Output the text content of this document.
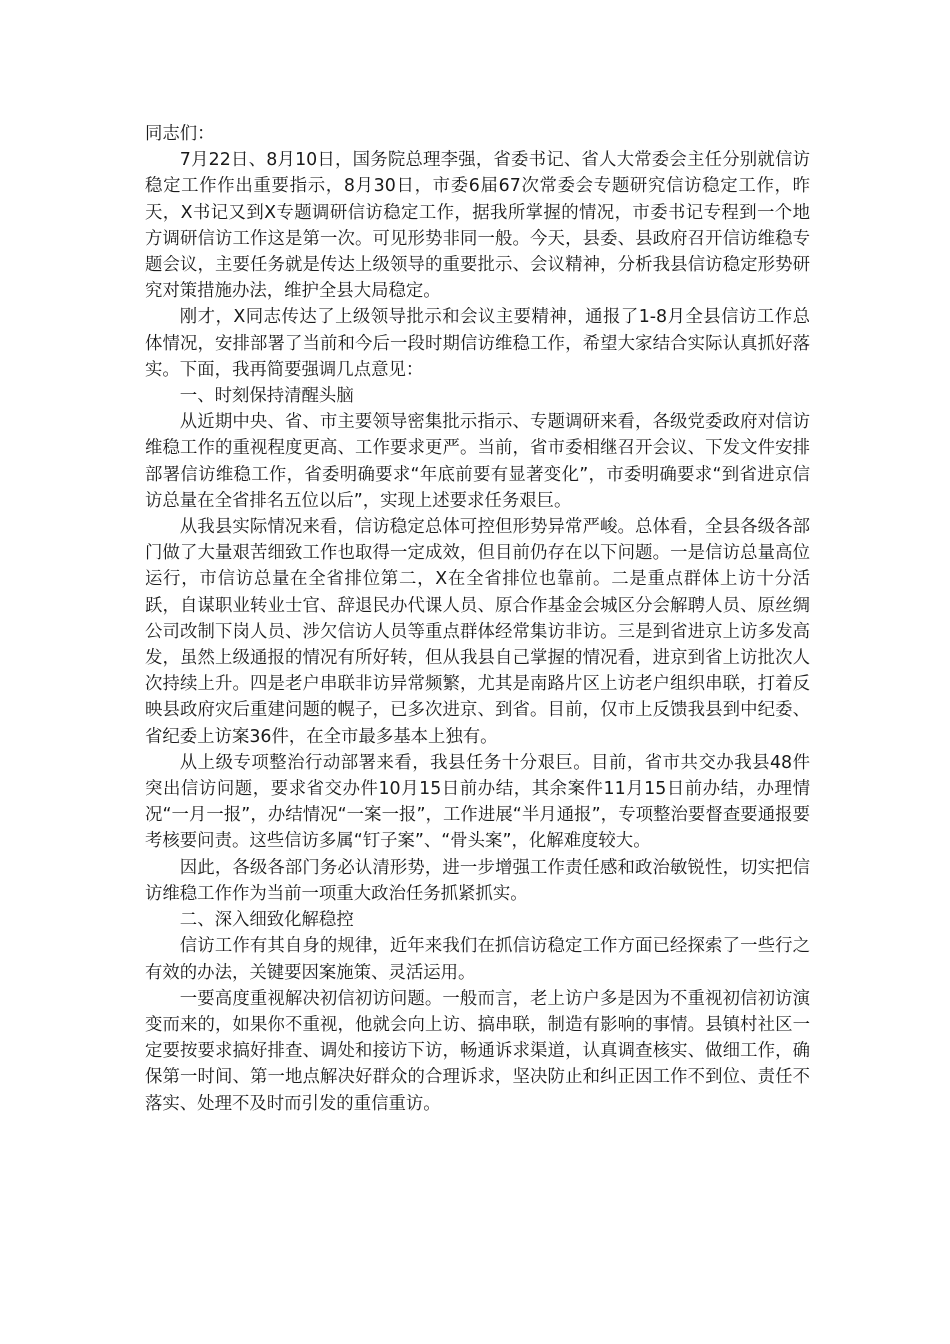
同志们：

7月22日、8月10日，国务院总理李强，省委书记、省人大常委会主任分别就信访稳定工作作出重要指示，8月30日，市委6届67次常委会专题研究信访稳定工作，昨天，X书记又到X专题调研信访稳定工作，据我所掌握的情况，市委书记专程到一个地方调研信访工作这是第一次。可见形势非同一般。今天，县委、县政府召开信访维稳专题会议，主要任务就是传达上级领导的重要批示、会议精神，分析我县信访稳定形势研究对策措施办法，维护全县大局稳定。

刚才，X同志传达了上级领导批示和会议主要精神，通报了1-8月全县信访工作总体情况，安排部署了当前和今后一段时期信访维稳工作，希望大家结合实际认真抓好落实。下面，我再简要强调几点意见：

一、时刻保持清醒头脑

从近期中央、省、市主要领导密集批示指示、专题调研来看，各级党委政府对信访维稳工作的重视程度更高、工作要求更严。当前，省市委相继召开会议、下发文件安排部署信访维稳工作，省委明确要求“年底前要有显著变化”，市委明确要求“到省进京信访总量在全省排名五位以后”，实现上述要求任务艰巨。

从我县实际情况来看，信访稳定总体可控但形势异常严峻。总体看，全县各级各部门做了大量艰苦细致工作也取得一定成效，但目前仍存在以下问题。一是信访总量高位运行，市信访总量在全省排位第二，X在全省排位也靠前。二是重点群体上访十分活跃，自谋职业转业士官、辞退民办代课人员、原合作基金会城区分会解聘人员、原丝绸公司改制下岗人员、涉欠信访人员等重点群体经常集访非访。三是到省进京上访多发高发，虽然上级通报的情况有所好转，但从我县自己掌握的情况看，进京到省上访批次人次持续上升。四是老户串联非访异常频繁，尤其是南路片区上访老户组织串联，打着反映县政府灾后重建问题的幌子，已多次进京、到省。目前，仅市上反馈我县到中纪委、省纪委上访案36件，在全市最多基本上独有。

从上级专项整治行动部署来看，我县任务十分艰巨。目前，省市共交办我县48件突出信访问题，要求省交办件10月15日前办结，其余案件11月15日前办结，办理情况“一月一报”，办结情况“一案一报”，工作进展“半月通报”，专项整治要督查要通报要考核要问责。这些信访多属“钉子案”、“骨头案”，化解难度较大。

因此，各级各部门务必认清形势，进一步增强工作责任感和政治敏锐性，切实把信访维稳工作作为当前一项重大政治任务抓紧抓实。

二、深入细致化解稳控

信访工作有其自身的规律，近年来我们在抓信访稳定工作方面已经探索了一些行之有效的办法，关键要因案施策、灵活运用。

一要高度重视解决初信初访问题。一般而言，老上访户多是因为不重视初信初访演变而来的，如果你不重视，他就会向上访、搞串联，制造有影响的事情。县镇村社区一定要按要求搞好排查、调处和接访下访，畅通诉求渠道，认真调查核实、做细工作，确保第一时间、第一地点解决好群众的合理诉求，坚决防止和纠正因工作不到位、责任不落实、处理不及时而引发的重信重访。
